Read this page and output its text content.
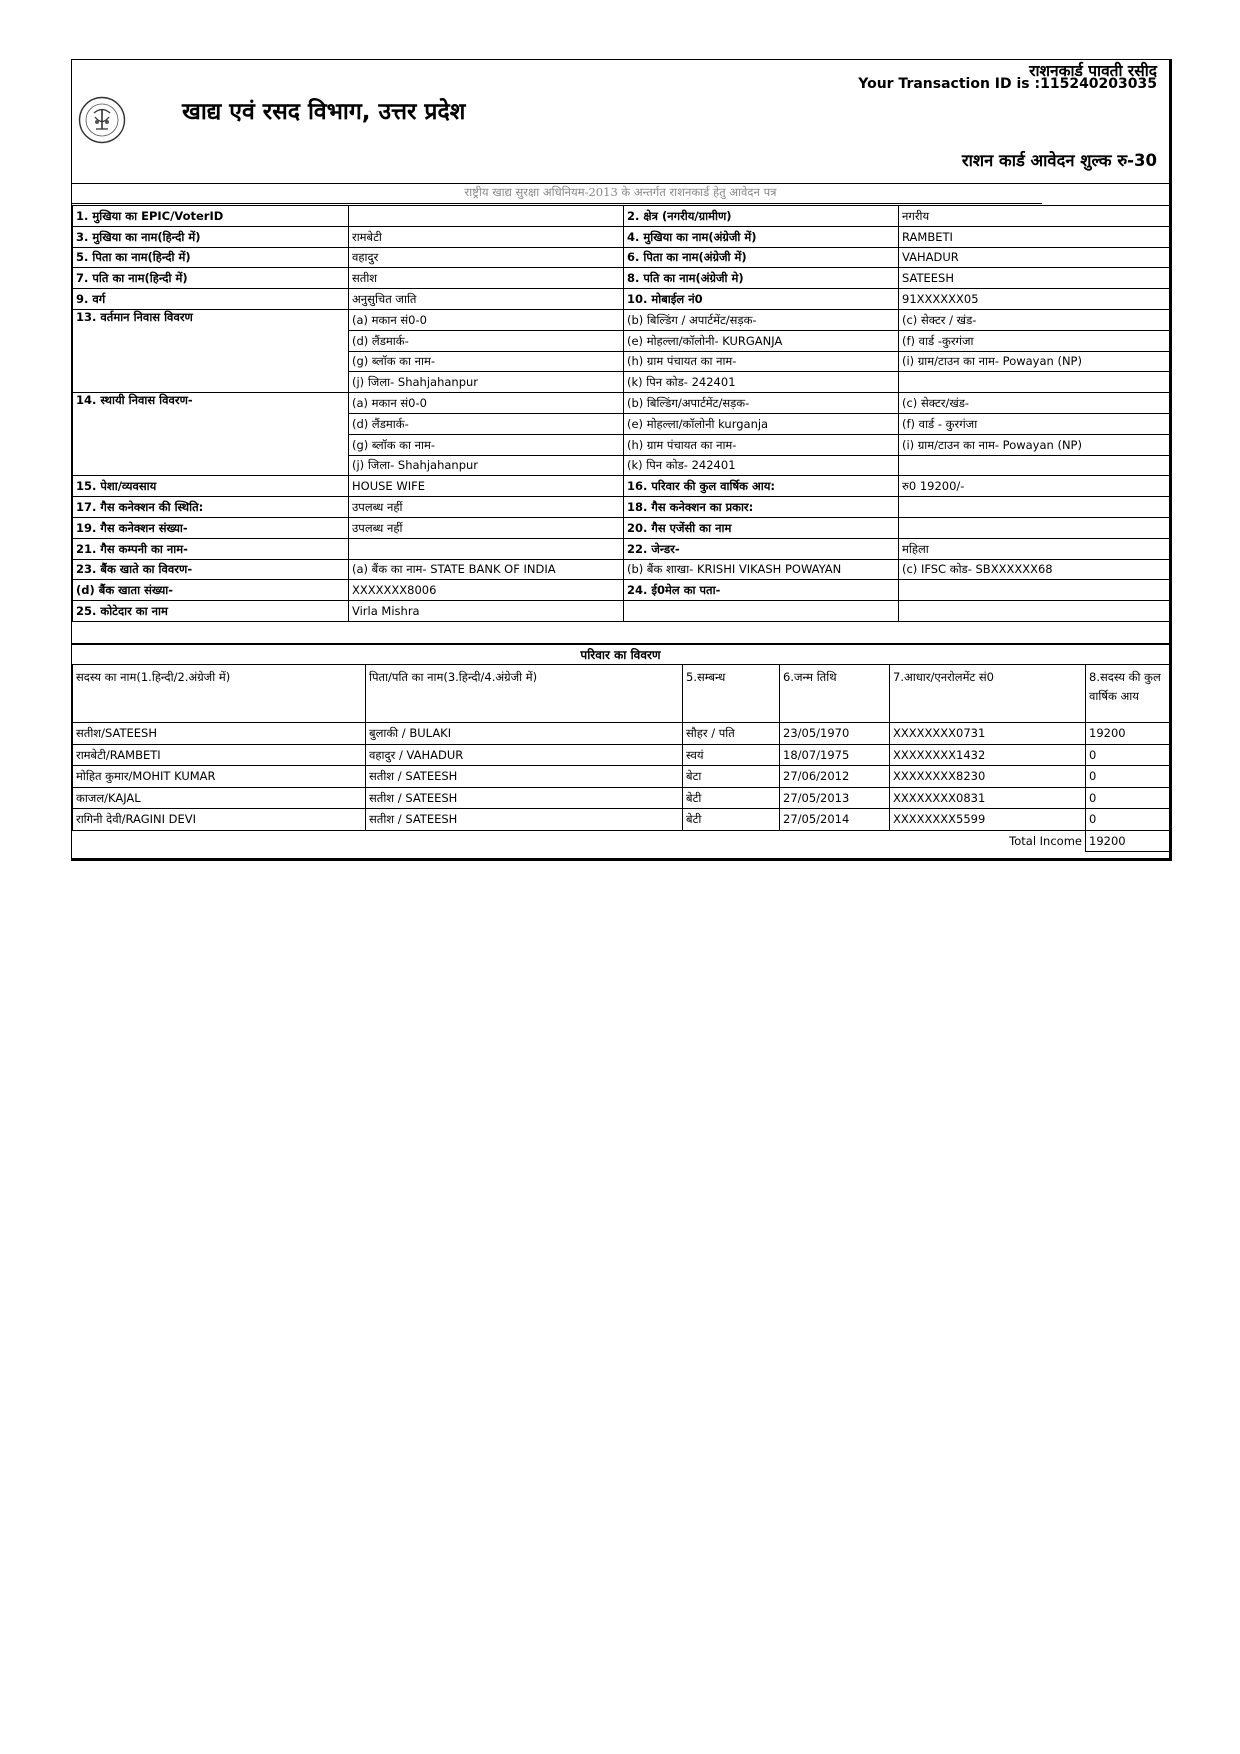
खाद्य एवं रसद विभाग, उत्तर प्रदेश
राशनकार्ड पावती रसीद
Your Transaction ID is :115240203035
राशन कार्ड आवेदन शुल्क रु-30
राष्ट्रीय खाद्य सुरक्षा अधिनियम-2013 के अन्तर्गत राशनकार्ड हेतु आवेदन पत्र
1. मुखिया का EPIC/VoterID		2. क्षेत्र (नगरीय/ग्रामीण)	नगरीय
3. मुखिया का नाम(हिन्दी में)	रामबेटी	4. मुखिया का नाम(अंग्रेजी में)	RAMBETI
5. पिता का नाम(हिन्दी में)	वहादुर	6. पिता का नाम(अंग्रेजी में)	VAHADUR
7. पति का नाम(हिन्दी में)	सतीश	8. पति का नाम(अंग्रेजी मे)	SATEESH
9. वर्ग	अनुसुचित जाति	10. मोबाईल नं0	91XXXXXX05
13. वर्तमान निवास विवरण	(a) मकान सं0-0	(b) बिल्डिंग / अपार्टमेंट/सड़क-	(c) सेक्टर / खंड-
	(d) लैंडमार्क-	(e) मोहल्ला/कॉलोनी- KURGANJA	(f) वार्ड -कुरगंजा
	(g) ब्लॉक का नाम-	(h) ग्राम पंचायत का नाम-	(i) ग्राम/टाउन का नाम- Powayan (NP)
	(j) जिला- Shahjahanpur	(k) पिन कोड- 242401	
14. स्थायी निवास विवरण-	(a) मकान सं0-0	(b) बिल्डिंग/अपार्टमेंट/सड़क-	(c) सेक्टर/खंड-
	(d) लैंडमार्क-	(e) मोहल्ला/कॉलोनी kurganja	(f) वार्ड - कुरगंजा
	(g) ब्लॉक का नाम-	(h) ग्राम पंचायत का नाम-	(i) ग्राम/टाउन का नाम- Powayan (NP)
	(j) जिला- Shahjahanpur	(k) पिन कोड- 242401	
15. पेशा/व्यवसाय	HOUSE WIFE	16. परिवार की कुल वार्षिक आय:	रु0 19200/-
17. गैस कनेक्शन की स्थिति:	उपलब्ध नहीं	18. गैस कनेक्शन का प्रकार:	
19. गैस कनेक्शन संख्या-	उपलब्ध नहीं	20. गैस एजेंसी का नाम	
21. गैस कम्पनी का नाम-		22. जेन्डर-	महिला
23. बैंक खाते का विवरण-	(a) बैंक का नाम- STATE BANK OF INDIA	(b) बैंक शाखा- KRISHI VIKASH POWAYAN	(c) IFSC कोड- SBXXXXXX68
(d) बैंक खाता संख्या-	XXXXXXX8006	24. ई0मेल का पता-	
25. कोटेदार का नाम	Virla Mishra		
परिवार का विवरण
सदस्य का नाम(1.हिन्दी/2.अंग्रेजी में)	पिता/पति का नाम(3.हिन्दी/4.अंग्रेजी में)	5.सम्बन्ध	6.जन्म तिथि	7.आधार/एनरोलमेंट सं0	8.सदस्य की कुल वार्षिक आय
सतीश/SATEESH	बुलाकी / BULAKI	सौहर / पति	23/05/1970	XXXXXXXX0731	19200
रामबेटी/RAMBETI	वहादुर / VAHADUR	स्वयं	18/07/1975	XXXXXXXX1432	0
मोहित कुमार/MOHIT KUMAR	सतीश / SATEESH	बेटा	27/06/2012	XXXXXXXX8230	0
काजल/KAJAL	सतीश / SATEESH	बेटी	27/05/2013	XXXXXXXX0831	0
रागिनी देवी/RAGINI DEVI	सतीश / SATEESH	बेटी	27/05/2014	XXXXXXXX5599	0
				Total Income	19200
